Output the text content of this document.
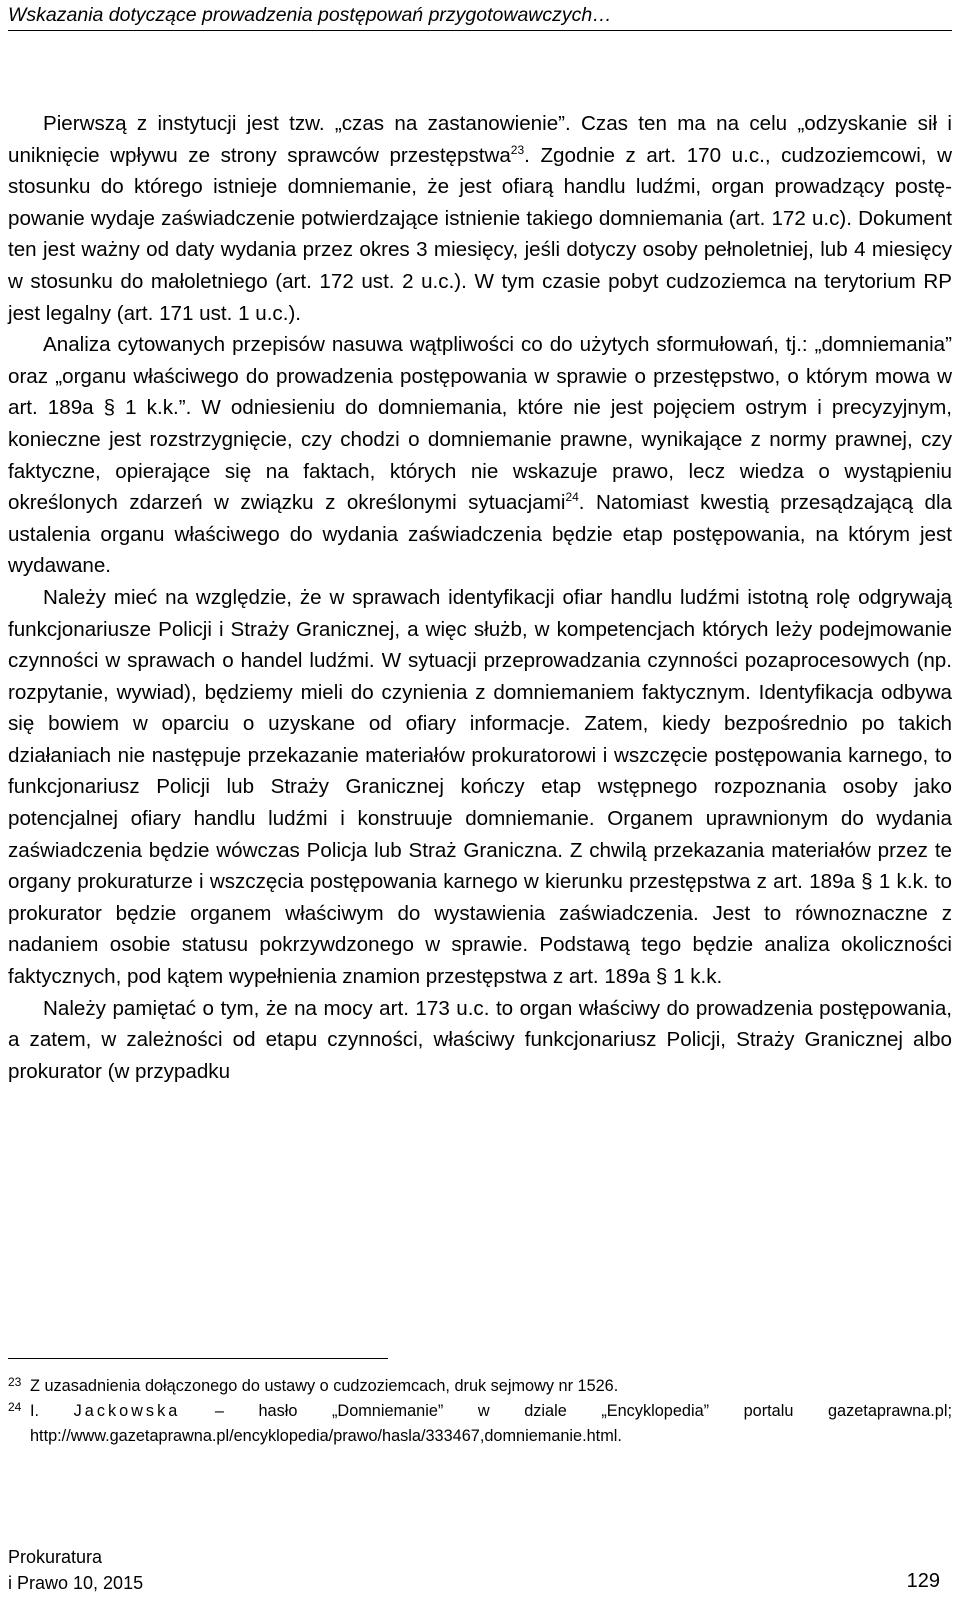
Wskazania dotyczące prowadzenia postępowań przygotowawczych…

Pierwszą z instytucji jest tzw. „czas na zastanowienie”. Czas ten ma na celu „odzyskanie sił i uniknięcie wpływu ze strony sprawców przestępstwa$^{23}$. Zgodnie z art. 170 u.c., cudzoziemcowi, w stosunku do którego istnieje domniemanie, że jest ofiarą handlu ludźmi, organ prowadzący postępowanie wydaje zaświadczenie potwierdzające istnienie takiego domniemania (art. 172 u.c). Dokument ten jest ważny od daty wydania przez okres 3 miesięcy, jeśli dotyczy osoby pełnoletniej, lub 4 miesięcy w stosunku do małoletniego (art. 172 ust. 2 u.c.). W tym czasie pobyt cudzoziemca na terytorium RP jest legalny (art. 171 ust. 1 u.c.).

Analiza cytowanych przepisów nasuwa wątpliwości co do użytych sformułowań, tj.: „domniemania” oraz „organu właściwego do prowadzenia postępowania w sprawie o przestępstwo, o którym mowa w art. 189a § 1 k.k.”. W odniesieniu do domniemania, które nie jest pojęciem ostrym i precyzyjnym, konieczne jest rozstrzygnięcie, czy chodzi o domniemanie prawne, wynikające z normy prawnej, czy faktyczne, opierające się na faktach, których nie wskazuje prawo, lecz wiedza o wystąpieniu określonych zdarzeń w związku z określonymi sytuacjami$^{24}$. Natomiast kwestią przesądzającą dla ustalenia organu właściwego do wydania zaświadczenia będzie etap postępowania, na którym jest wydawane.

Należy mieć na względzie, że w sprawach identyfikacji ofiar handlu ludźmi istotną rolę odgrywają funkcjonariusze Policji i Straży Granicznej, a więc służb, w kompetencjach których leży podejmowanie czynności w sprawach o handel ludźmi. W sytuacji przeprowadzania czynności pozaprocesowych (np. rozpytanie, wywiad), będziemy mieli do czynienia z domniemaniem faktycznym. Identyfikacja odbywa się bowiem w oparciu o uzyskane od ofiary informacje. Zatem, kiedy bezpośrednio po takich działaniach nie następuje przekazanie materiałów prokuratorowi i wszczęcie postępowania karnego, to funkcjonariusz Policji lub Straży Granicznej kończy etap wstępnego rozpoznania osoby jako potencjalnej ofiary handlu ludźmi i konstruuje domniemanie. Organem uprawnionym do wydania zaświadczenia będzie wówczas Policja lub Straż Graniczna. Z chwilą przekazania materiałów przez te organy prokuraturze i wszczęcia postępowania karnego w kierunku przestępstwa z art. 189a § 1 k.k. to prokurator będzie organem właściwym do wystawienia zaświadczenia. Jest to równoznaczne z nadaniem osobie statusu pokrzywdzonego w sprawie. Podstawą tego będzie analiza okoliczności faktycznych, pod kątem wypełnienia znamion przestępstwa z art. 189a § 1 k.k.

Należy pamiętać o tym, że na mocy art. 173 u.c. to organ właściwy do prowadzenia postępowania, a zatem, w zależności od etapu czynności, właściwy funkcjonariusz Policji, Straży Granicznej albo prokurator (w przypadku

23 Z uzasadnienia dołączonego do ustawy o cudzoziemcach, druk sejmowy nr 1526.
24 I. Jackowska – hasło „Domniemanie” w dziale „Encyklopedia” portalu gazetaprawna.pl; http://www.gazetaprawna.pl/encyklopedia/prawo/hasla/333467,domniemanie.html.
Prokuratura
i Prawo 10, 2015	129
